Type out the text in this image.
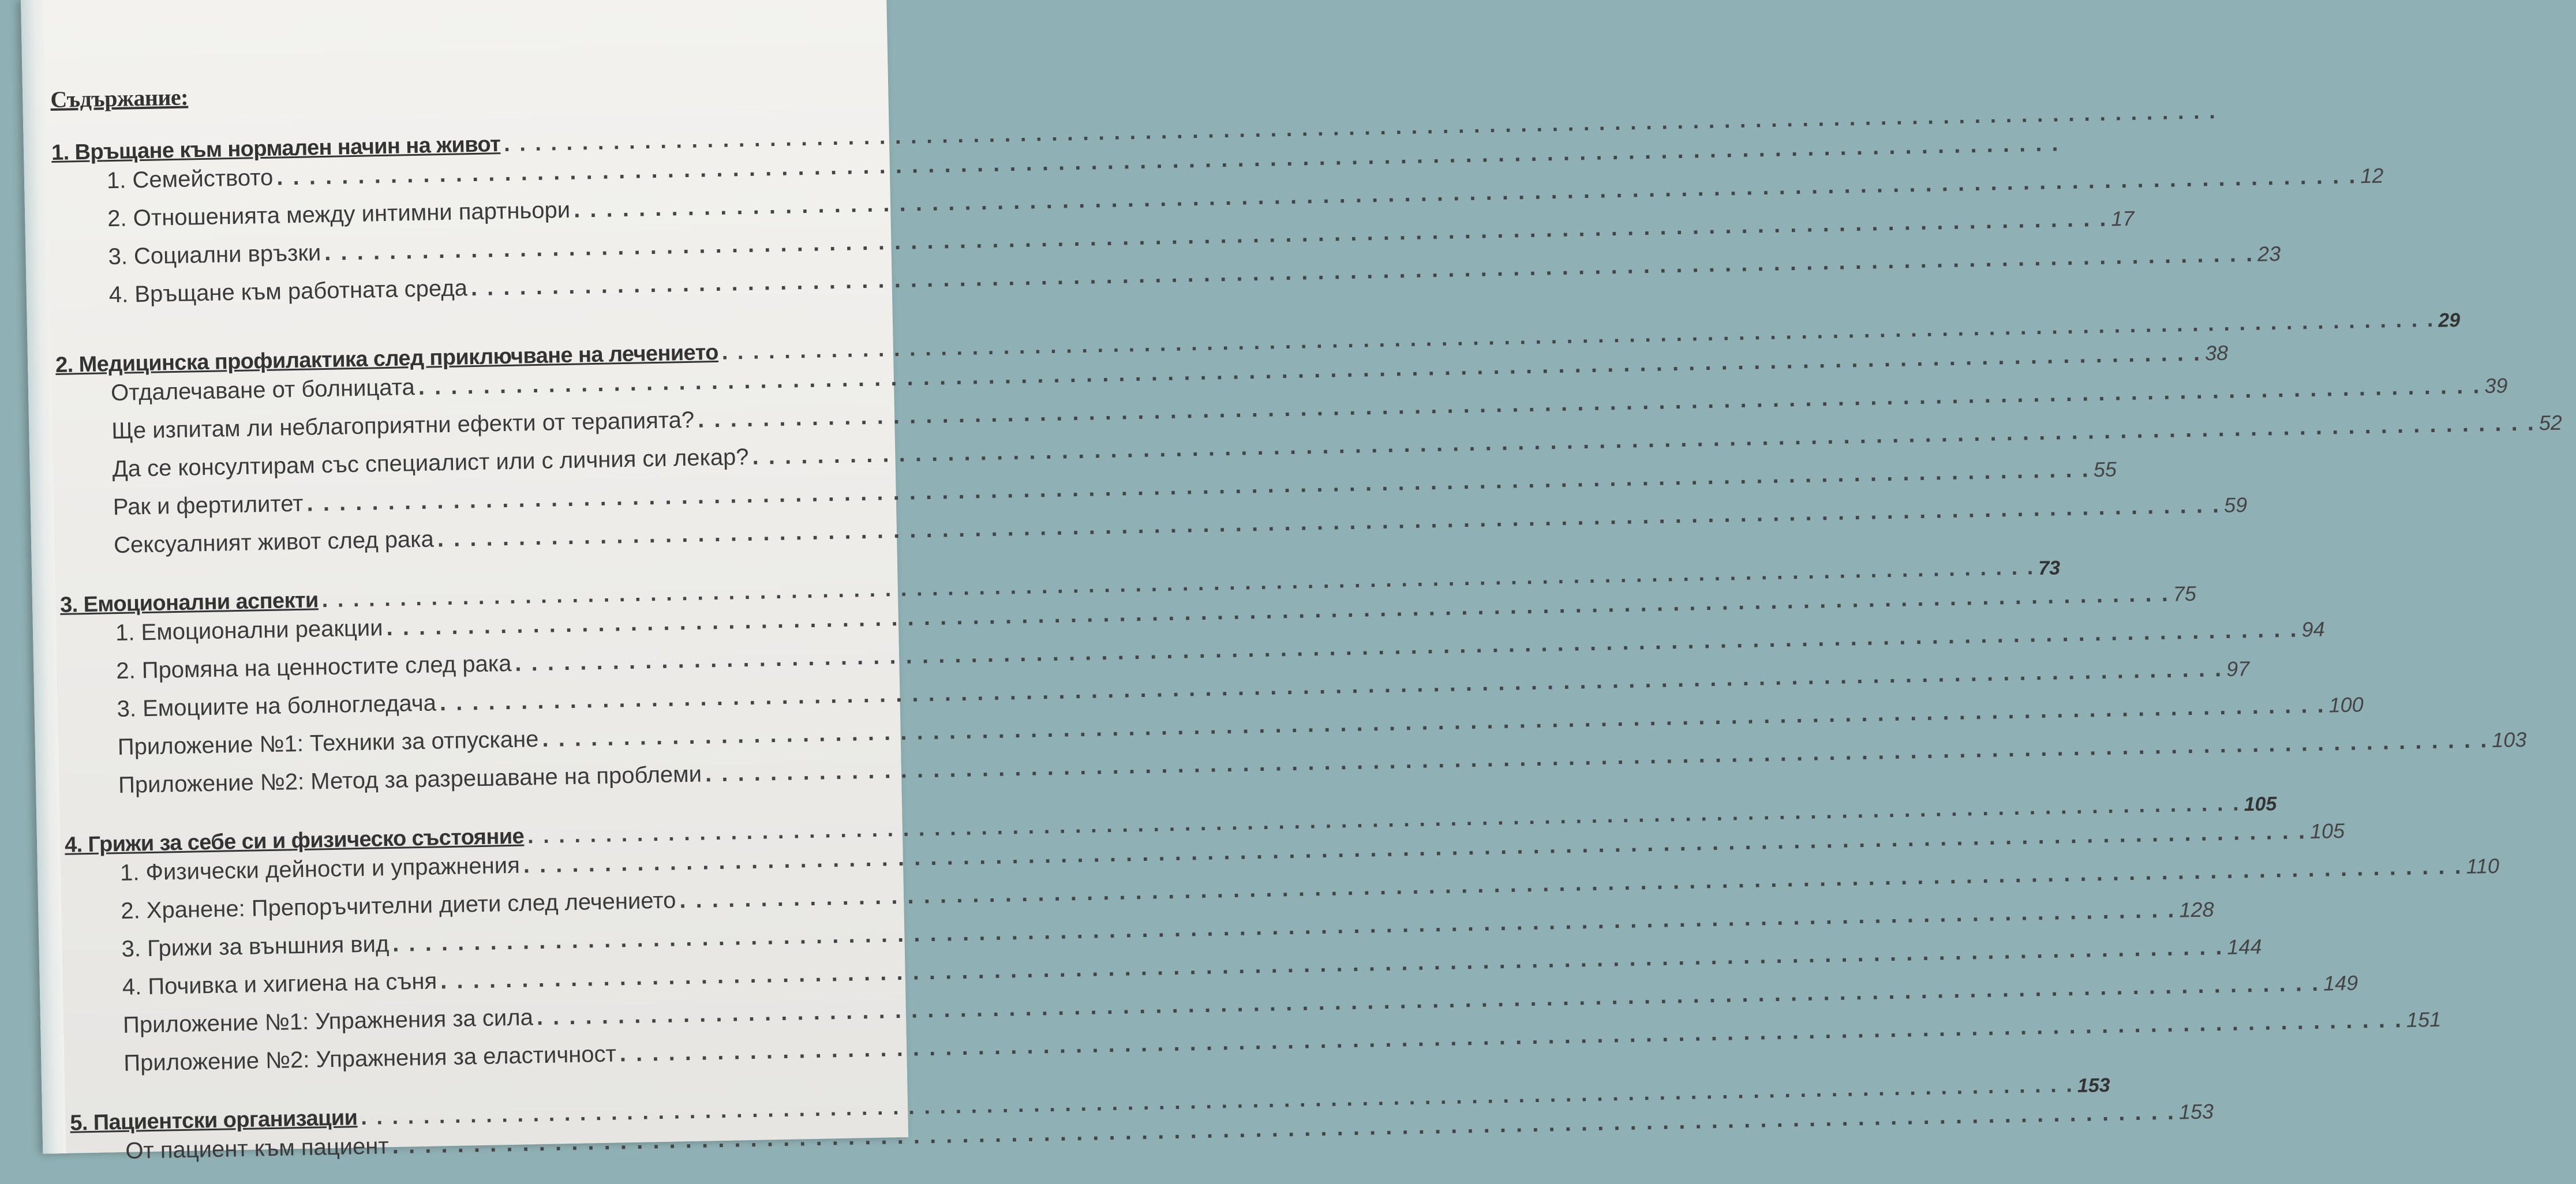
Съдържание:
1. Връщане към нормален начин на живот
. . .
1. Семейството
. . .
2. Отношенията между интимни партньори
. . .
12
3. Социални връзки
. . .
17
4. Връщане към работната среда
. . .
23
2. Медицинска профилактика след приключване на лечението
. . .
29
Отдалечаване от болницата
. . .
38
Ще изпитам ли неблагоприятни ефекти от терапията?
. . .
39
Да се консултирам със специалист или с личния си лекар?
. . .
52
Рак и фертилитет
. . .
55
Сексуалният живот след рака
. . .
59
3. Емоционални аспекти
. . .
73
1. Емоционални реакции
. . .
75
2. Промяна на ценностите след рака
. . .
94
3. Емоциите на болногледача
. . .
97
Приложение №1: Техники за отпускане
. . .
100
Приложение №2: Метод за разрешаване на проблеми
. . .
103
4. Грижи за себе си и физическо състояние
. . .
105
1. Физически дейности и упражнения
. . .
105
2. Хранене: Препоръчителни диети след лечението
. . .
110
3. Грижи за външния вид
. . .
128
4. Почивка и хигиена на съня
. . .
144
Приложение №1: Упражнения за сила
. . .
149
Приложение №2: Упражнения за еластичност
. . .
151
5. Пациентски организации
. . .
153
От пациент към пациент
. . .
153
